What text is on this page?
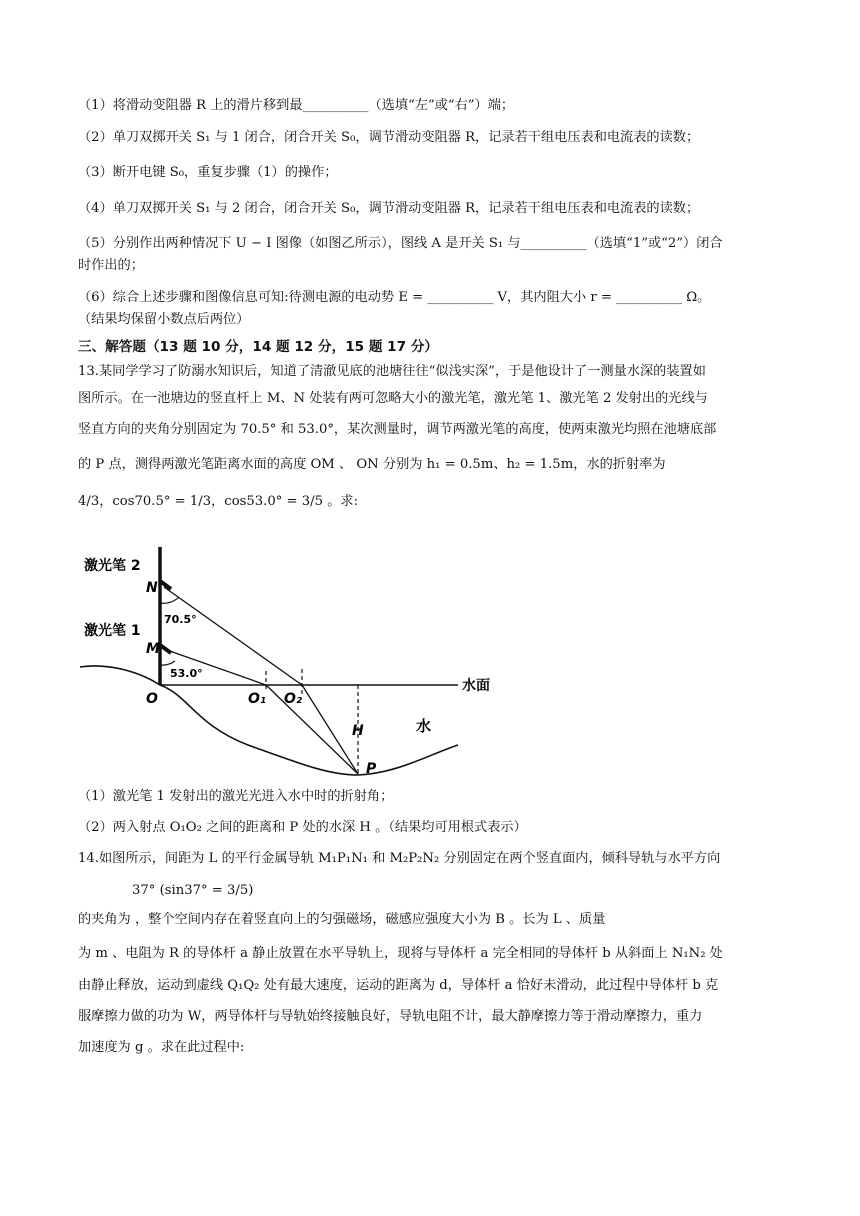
（1）将滑动变阻器 R 上的滑片移到最__________（选填“左”或“右”）端；
（2）单刀双掷开关 S₁ 与 1 闭合，闭合开关 S₀，调节滑动变阻器 R，记录若干组电压表和电流表的读数；
（3）断开电键 S₀，重复步骤（1）的操作；
（4）单刀双掷开关 S₁ 与 2 闭合，闭合开关 S₀，调节滑动变阻器 R，记录若干组电压表和电流表的读数；
（5）分别作出两种情况下 U − I 图像（如图乙所示），图线 A 是开关 S₁ 与__________（选填“1”或“2”）闭合
时作出的；
（6）综合上述步骤和图像信息可知:待测电源的电动势 E = __________ V，其内阻大小 r = __________ Ω。
（结果均保留小数点后两位）
三、解答题（13 题 10 分，14 题 12 分，15 题 17 分）
13.某同学学习了防溺水知识后，知道了清澈见底的池塘往往“似浅实深”，于是他设计了一测量水深的装置如
图所示。在一池塘边的竖直杆上 M、N 处装有两可忽略大小的激光笔，激光笔 1、激光笔 2 发射出的光线与
竖直方向的夹角分别固定为 70.5° 和 53.0°，某次测量时，调节两激光笔的高度，使两束激光均照在池塘底部
的 P 点，测得两激光笔距离水面的高度 OM 、 ON 分别为 h₁ = 0.5m、h₂ = 1.5m，水的折射率为
4/3，cos70.5° = 1/3，cos53.0° = 3/5 。求:
激光笔 2
N
激光笔 1
M
70.5°
53.0°
水面
O	O₁ O₂
H
P
水
（1）激光笔 1 发射出的激光光进入水中时的折射角；
（2）两入射点 O₁O₂ 之间的距离和 P 处的水深 H 。（结果均可用根式表示）
14.如图所示，间距为 L 的平行金属导轨 M₁P₁N₁ 和 M₂P₂N₂ 分别固定在两个竖直面内，倾科导轨与水平方向
37° (sin37° = 3/5)
的夹角为 ，整个空间内存在着竖直向上的匀强磁场，磁感应强度大小为 B 。长为 L 、质量
为 m 、电阻为 R 的导体杆 a 静止放置在水平导轨上，现将与导体杆 a 完全相同的导体杆 b 从斜面上 N₁N₂ 处
由静止释放，运动到虚线 Q₁Q₂ 处有最大速度，运动的距离为 d，导体杆 a 恰好未滑动，此过程中导体杆 b 克
服摩擦力做的功为 W，两导体杆与导轨始终接触良好，导轨电阻不计，最大静摩擦力等于滑动摩擦力，重力
加速度为 g 。求在此过程中:
